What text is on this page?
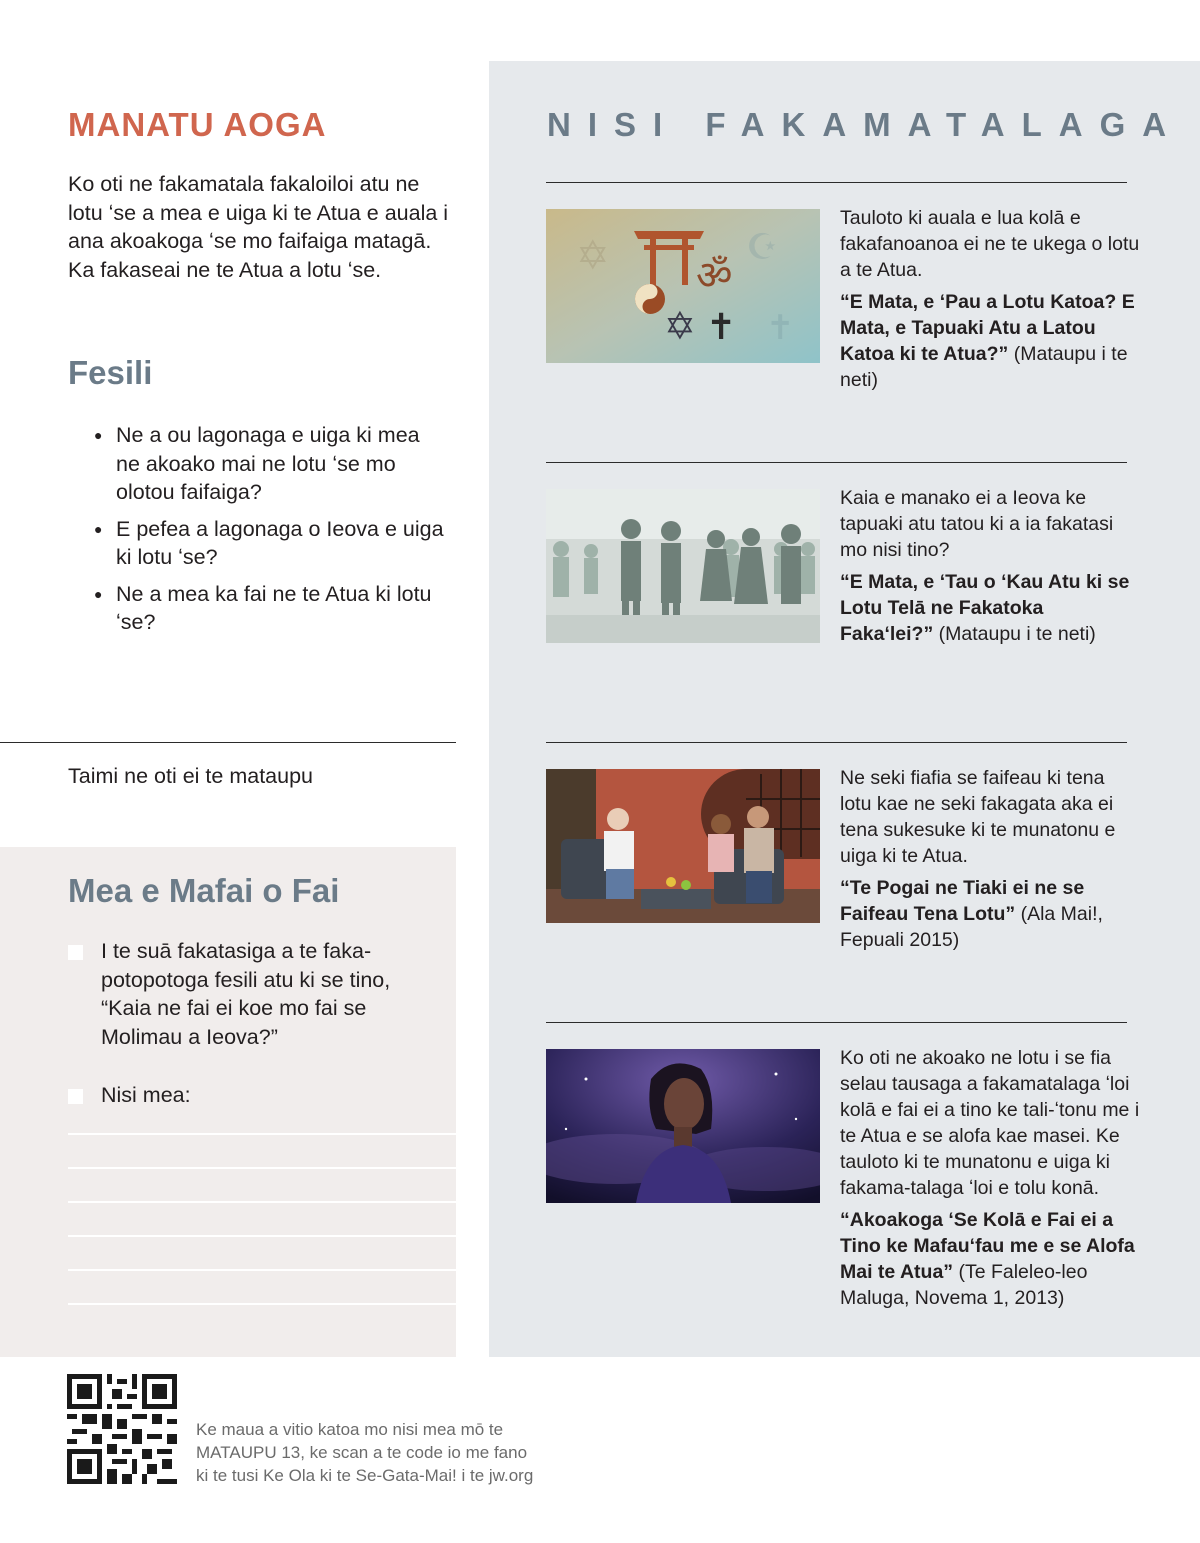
MANATU AOGA

Ko oti ne fakamatala fakaloiloi atu ne lotu ʻse a mea e uiga ki te Atua e auala i ana akoakoga ʻse mo faifaiga matagā. Ka fakaseai ne te Atua a lotu ʻse.

Fesili
● Ne a ou lagonaga e uiga ki mea ne akoako mai ne lotu ʻse mo olotou faifaiga?
● E pefea a lagonaga o Ieova e uiga ki lotu ʻse?
● Ne a mea ka fai ne te Atua ki lotu ʻse?
Taimi ne oti ei te mataupu
Mea e Mafai o Fai
I te suā fakatasiga a te faka-potopotoga fesili atu ki se tino, “Kaia ne fai ei koe mo fai se Molimau a Ieova?”
Nisi mea:
NISI FAKAMATALAGA
✡	☪
✝
ॐ
✡ ✝

Tauloto ki auala e lua kolā e fakafanoanoa ei ne te ukega o lotu a te Atua.

“E Mata, e ʻPau a Lotu Katoa? E Mata, e Tapuaki Atu a Latou Katoa ki te Atua?” (Mataupu i te neti)

Kaia e manako ei a Ieova ke tapuaki atu tatou ki a ia fakatasi mo nisi tino?

“E Mata, e ʻTau o ʻKau Atu ki se Lotu Telā ne Fakatoka Fakaʻlei?” (Mataupu i te neti)

Ne seki fiafia se faifeau ki tena lotu kae ne seki fakagata aka ei tena sukesuke ki te munatonu e uiga ki te Atua.

“Te Pogai ne Tiaki ei ne se Faifeau Tena Lotu” (Ala Mai!, Fepuali 2015)

Ko oti ne akoako ne lotu i se fia selau tausaga a fakamatalaga ʻloi kolā e fai ei a tino ke tali-ʻtonu me i te Atua e se alofa kae masei. Ke tauloto ki te munatonu e uiga ki fakama-talaga ʻloi e tolu konā.

“Akoakoga ʻSe Kolā e Fai ei a Tino ke Mafauʻfau me e se Alofa Mai te Atua” (Te Faleleo-leo Maluga, Novema 1, 2013)

Ke maua a vitio katoa mo nisi mea mō te
MATAUPU 13, ke scan a te code io me fano
ki te tusi Ke Ola ki te Se-Gata-Mai! i te jw.org
